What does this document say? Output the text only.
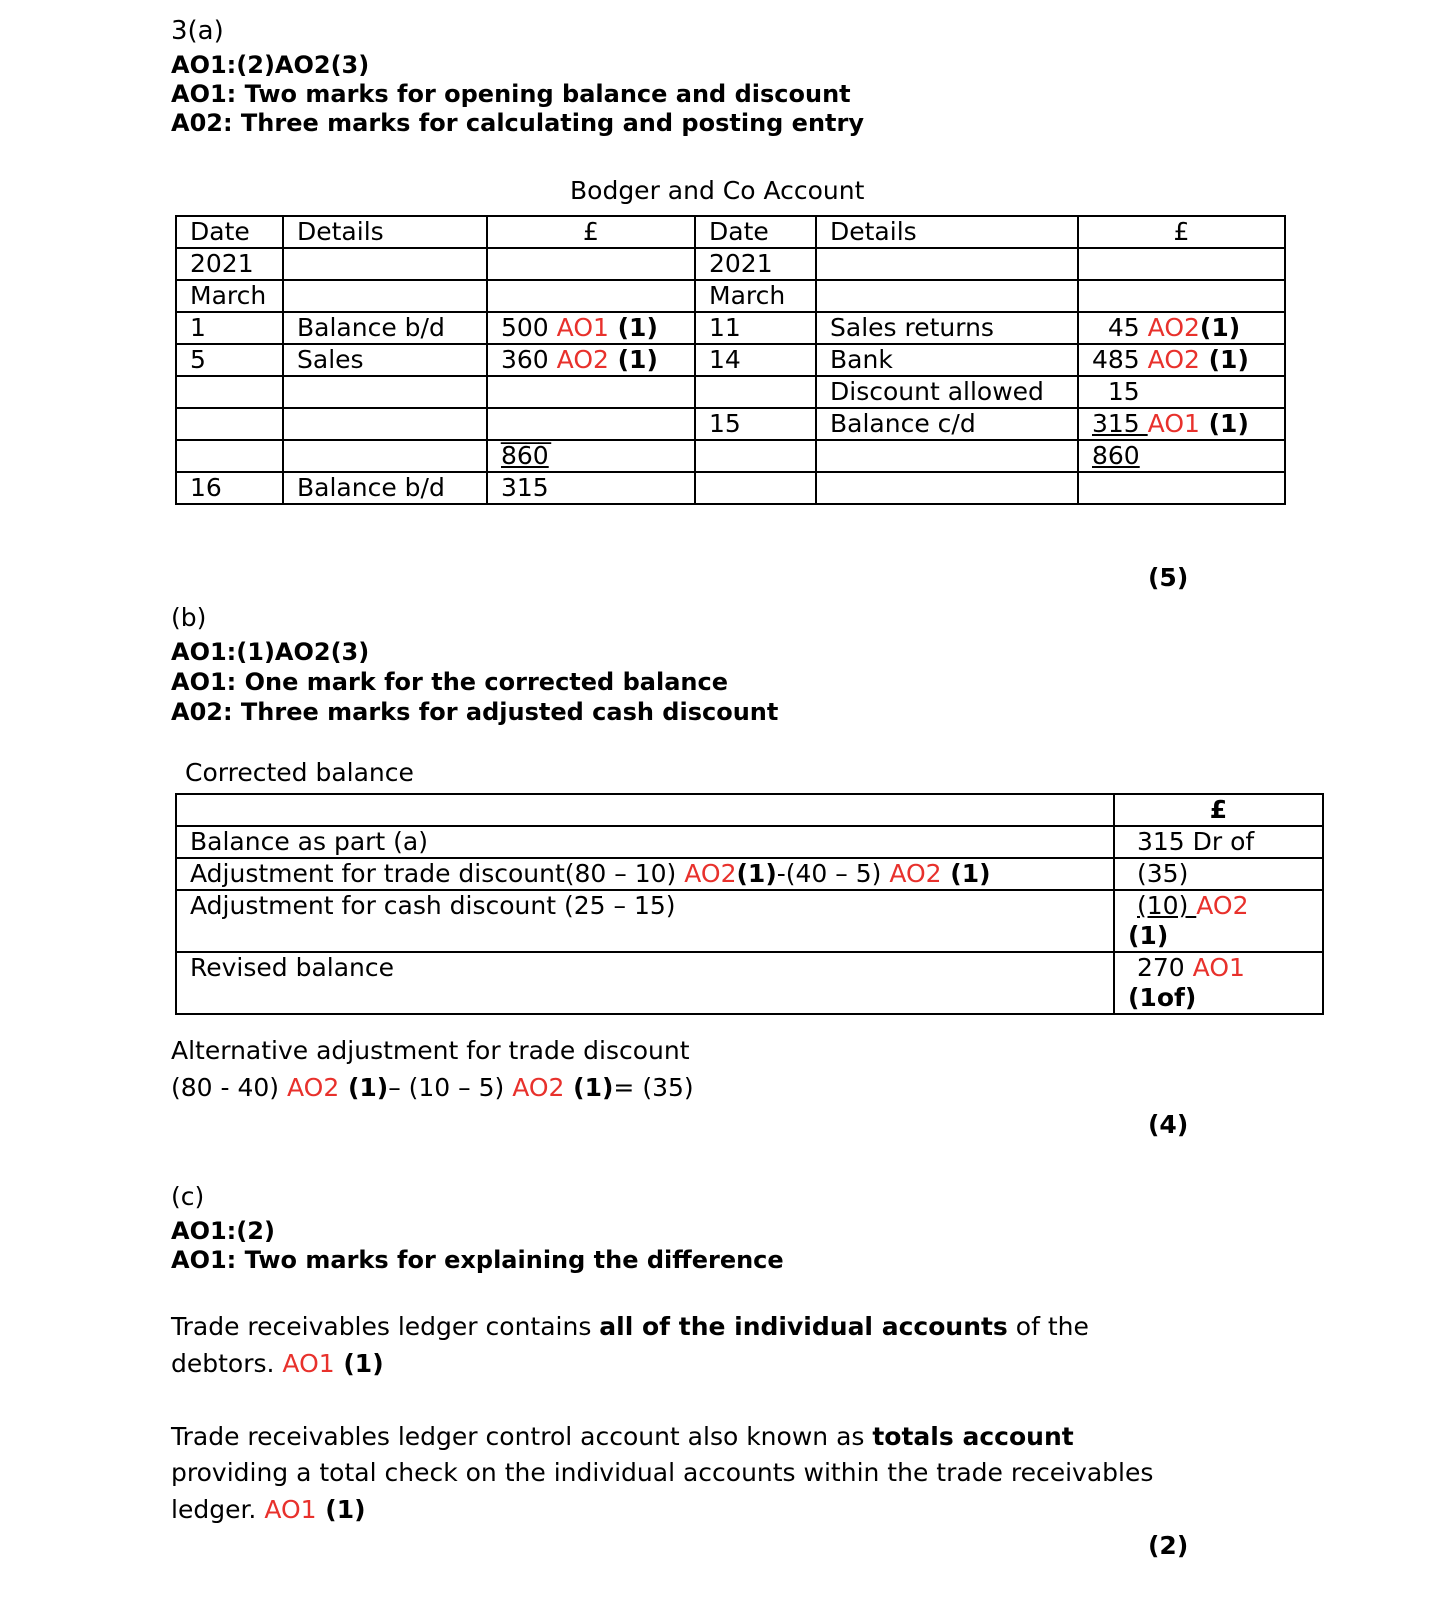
3(a)
AO1:(2)AO2(3)
AO1: Two marks for opening balance and discount
A02: Three marks for calculating and posting entry
Bodger and Co Account
Date	Details	£	Date	Details	£
2021			2021		
March			March		
1	Balance b/d	500 AO1 (1)	11	Sales returns	45 AO2(1)
5	Sales	360 AO2 (1)	14	Bank	485 AO2 (1)
				Discount allowed	15
		____	15	Balance c/d	315 AO1 (1)
		860			860
16	Balance b/d	315			
(5)
(b)
AO1:(1)AO2(3)
AO1: One mark for the corrected balance
A02: Three marks for adjusted cash discount
Corrected balance
	£
Balance as part (a)	315 Dr of
Adjustment for trade discount(80 – 10) AO2(1)-(40 – 5) AO2 (1)	(35)
Adjustment for cash discount (25 – 15)	(10) AO2
(1)
Revised balance	270 AO1
(1of)
Alternative adjustment for trade discount
(80 - 40) AO2 (1)– (10 – 5) AO2 (1)= (35)
(4)
(c)
AO1:(2)
AO1: Two marks for explaining the difference
Trade receivables ledger contains all of the individual accounts of the
debtors. AO1 (1)
Trade receivables ledger control account also known as totals account
providing a total check on the individual accounts within the trade receivables
ledger. AO1 (1)
(2)
